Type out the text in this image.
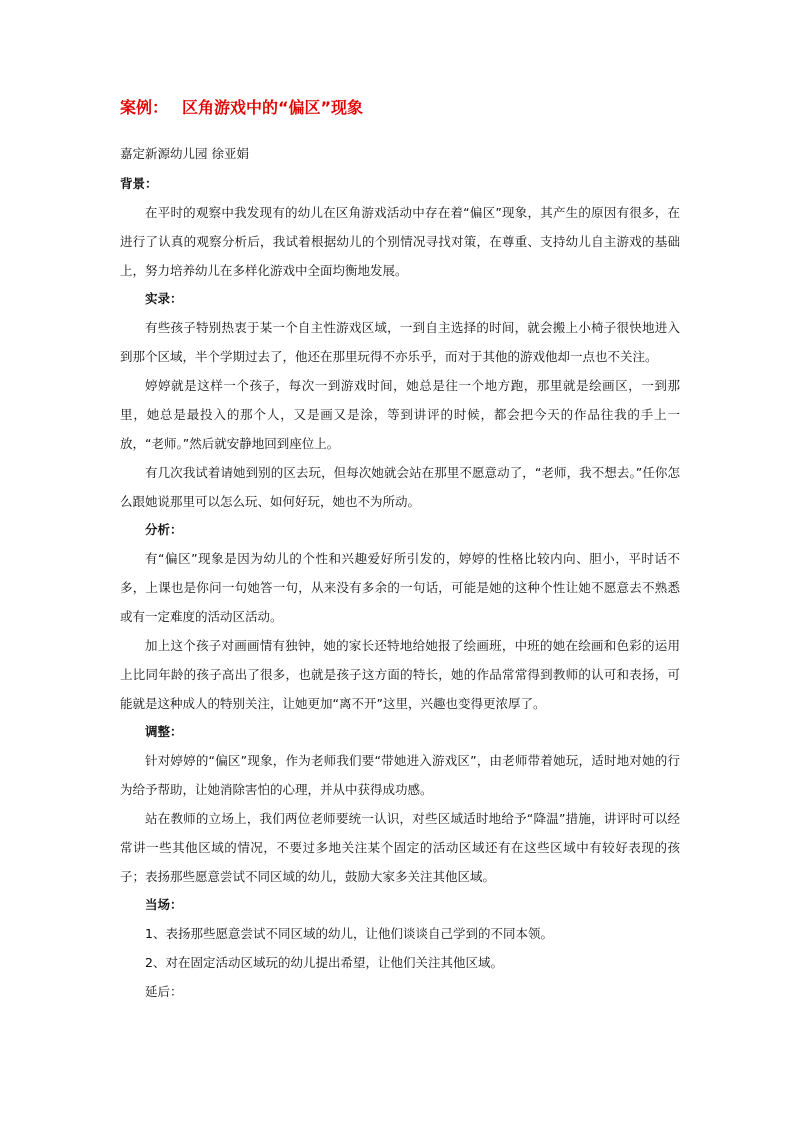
案例： 区角游戏中的“偏区”现象
嘉定新源幼儿园 徐亚娟
背景：
在平时的观察中我发现有的幼儿在区角游戏活动中存在着“偏区”现象，其产生的原因有很多，在进行了认真的观察分析后，我试着根据幼儿的个别情况寻找对策，在尊重、支持幼儿自主游戏的基础上，努力培养幼儿在多样化游戏中全面均衡地发展。
实录：
有些孩子特别热衷于某一个自主性游戏区域，一到自主选择的时间，就会搬上小椅子很快地进入到那个区域，半个学期过去了，他还在那里玩得不亦乐乎，而对于其他的游戏他却一点也不关注。
婷婷就是这样一个孩子，每次一到游戏时间，她总是往一个地方跑，那里就是绘画区，一到那里，她总是最投入的那个人，又是画又是涂，等到讲评的时候，都会把今天的作品往我的手上一放，“老师。”然后就安静地回到座位上。
有几次我试着请她到别的区去玩，但每次她就会站在那里不愿意动了，“老师，我不想去。”任你怎么跟她说那里可以怎么玩、如何好玩，她也不为所动。
分析：
有“偏区”现象是因为幼儿的个性和兴趣爱好所引发的，婷婷的性格比较内向、胆小，平时话不多，上课也是你问一句她答一句，从来没有多余的一句话，可能是她的这种个性让她不愿意去不熟悉或有一定难度的活动区活动。
加上这个孩子对画画情有独钟，她的家长还特地给她报了绘画班，中班的她在绘画和色彩的运用上比同年龄的孩子高出了很多，也就是孩子这方面的特长，她的作品常常得到教师的认可和表扬，可能就是这种成人的特别关注，让她更加“离不开”这里，兴趣也变得更浓厚了。
调整：
针对婷婷的“偏区”现象，作为老师我们要“带她进入游戏区”，由老师带着她玩，适时地对她的行为给予帮助，让她消除害怕的心理，并从中获得成功感。
站在教师的立场上，我们两位老师要统一认识，对些区域适时地给予“降温”措施，讲评时可以经常讲一些其他区域的情况，不要过多地关注某个固定的活动区域还有在这些区域中有较好表现的孩子；表扬那些愿意尝试不同区域的幼儿，鼓励大家多关注其他区域。
当场：
1、表扬那些愿意尝试不同区域的幼儿，让他们谈谈自己学到的不同本领。
2、对在固定活动区域玩的幼儿提出希望，让他们关注其他区域。
延后：
